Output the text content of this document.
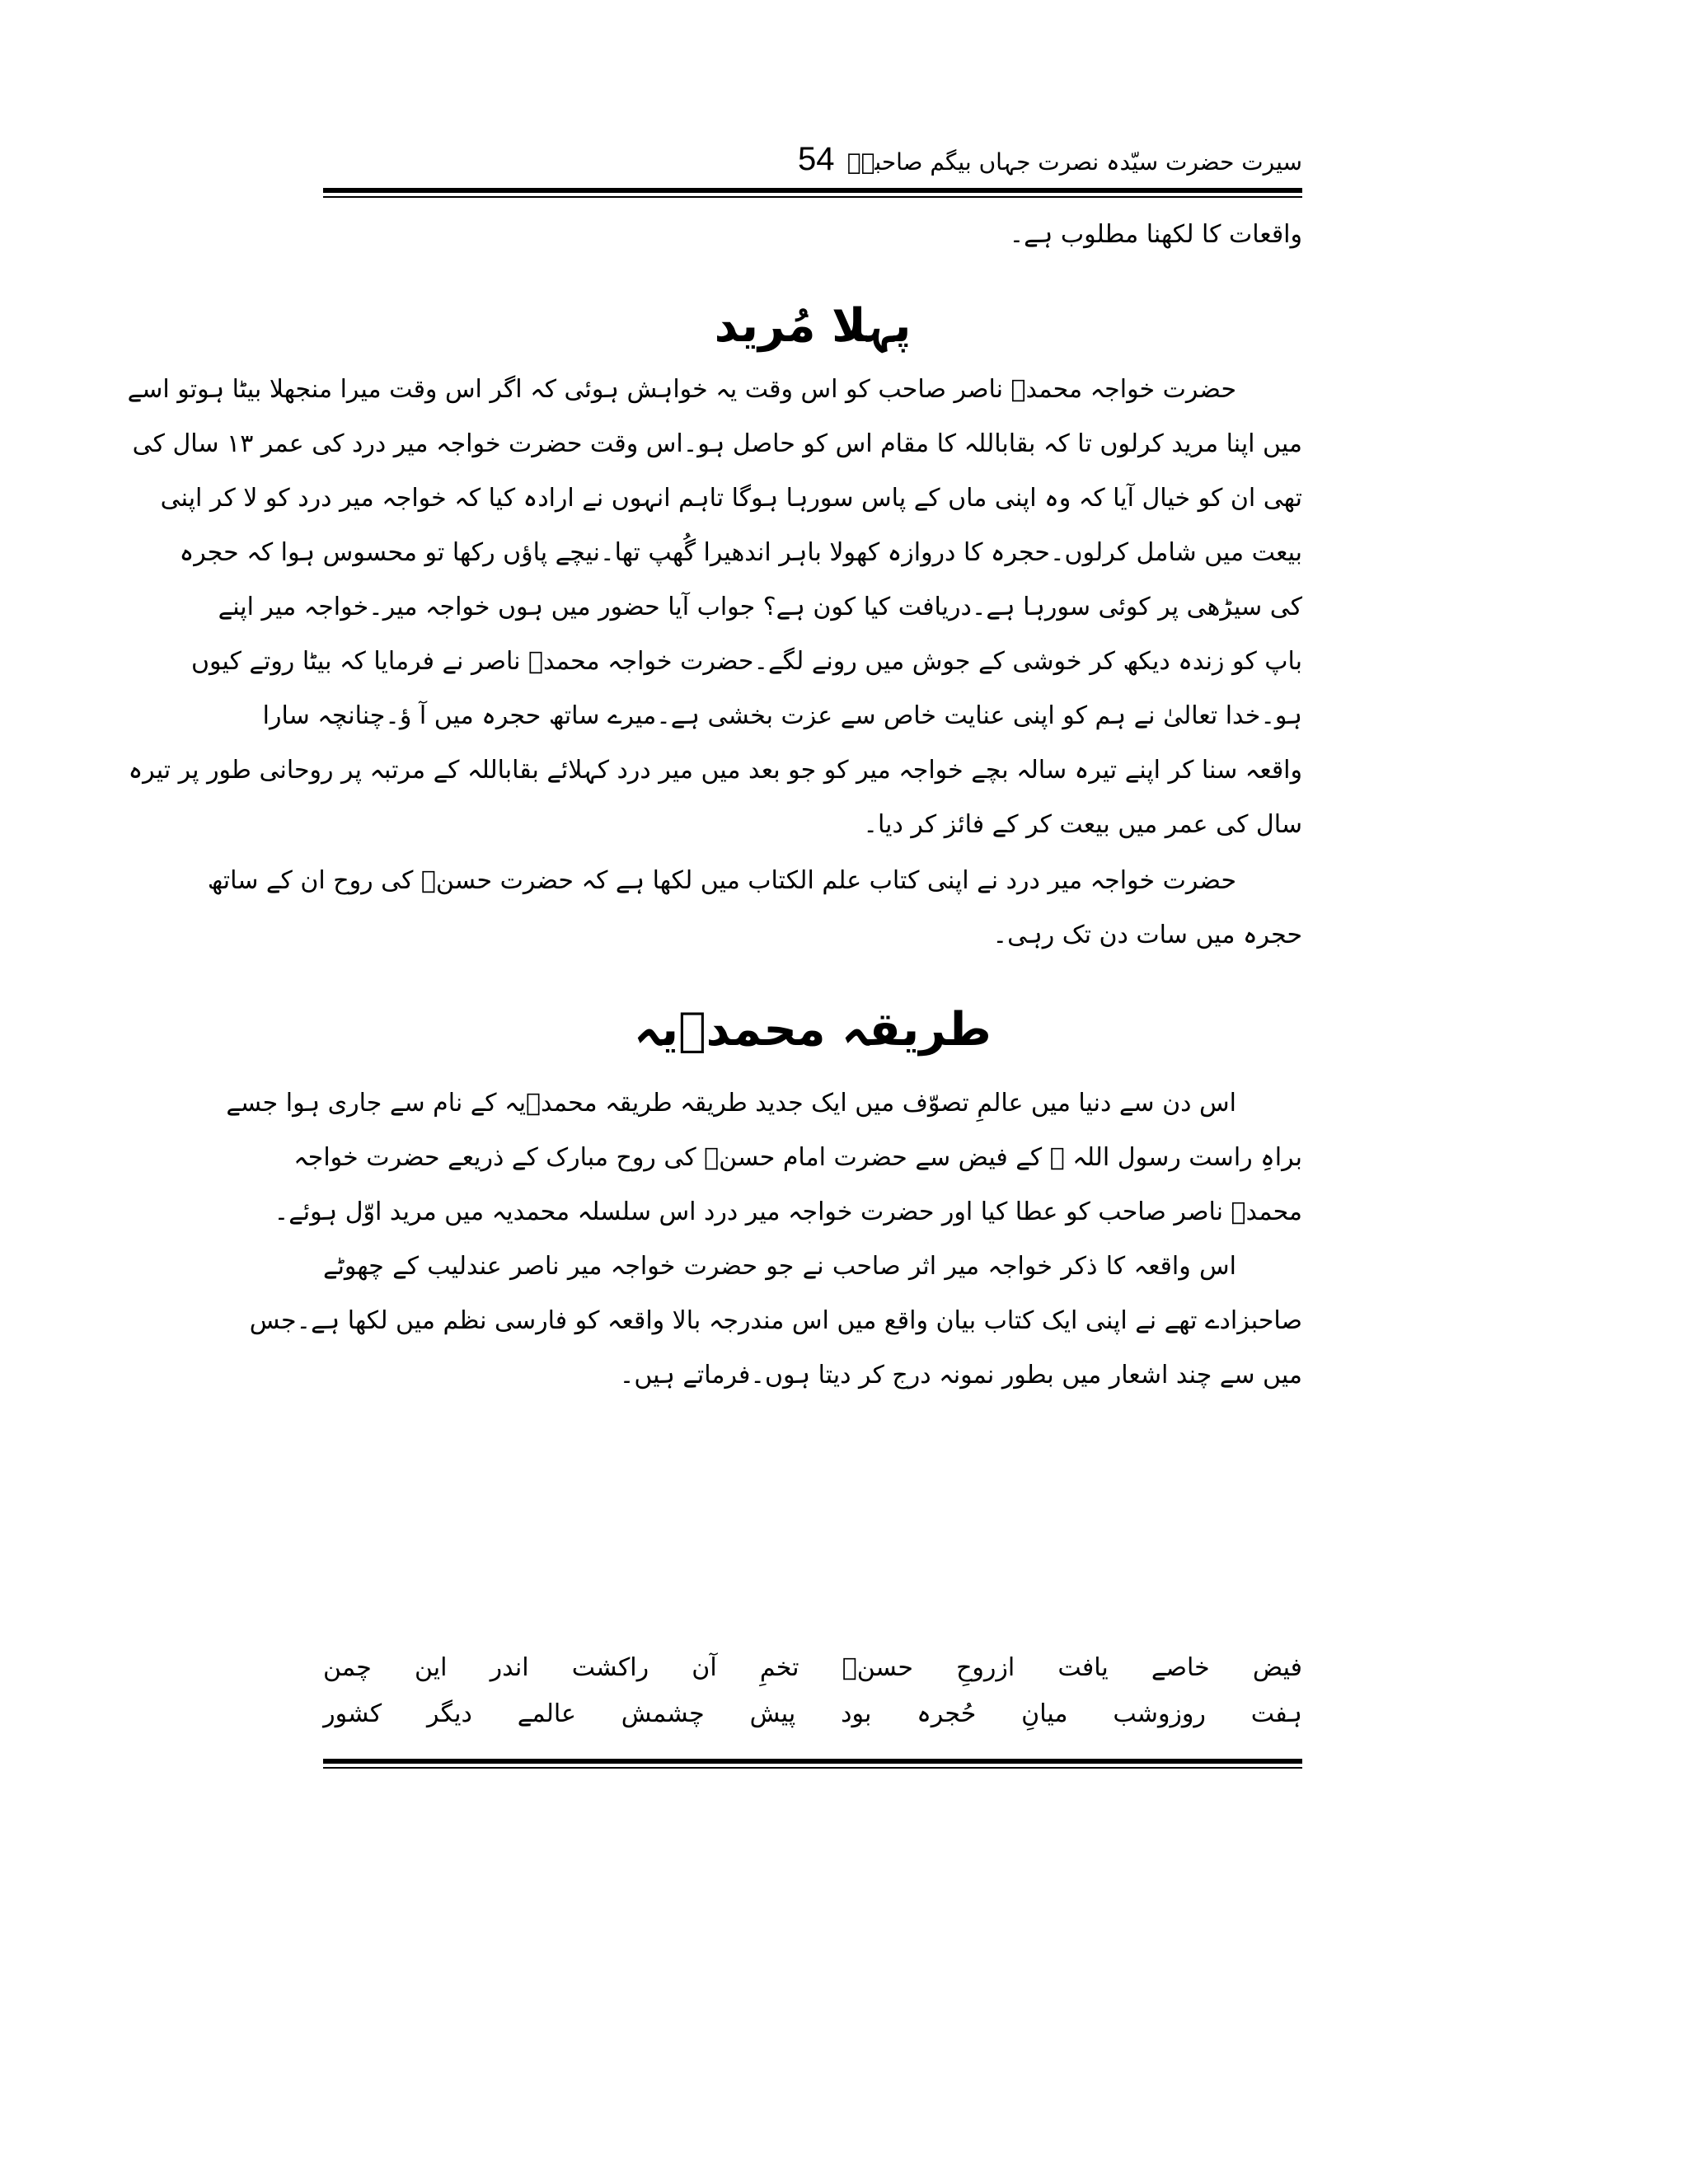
سیرت حضرت سیّدہ نصرت جہاں بیگم صاحبہؓ
54
واقعات کا لکھنا مطلوب ہے۔
پہلا مُرید
حضرت خواجہ محمدؐ ناصر صاحب کو اس وقت یہ خواہش ہوئی کہ اگر اس وقت میرا منجھلا بیٹا ہوتو اسے
میں اپنا مرید کرلوں تا کہ بقاباللہ کا مقام اس کو حاصل ہو۔اس وقت حضرت خواجہ میر درد کی عمر ۱۳ سال کی
تھی ان کو خیال آیا کہ وہ اپنی ماں کے پاس سورہا ہوگا تاہم انہوں نے ارادہ کیا کہ خواجہ میر درد کو لا کر اپنی
بیعت میں شامل کرلوں۔حجرہ کا دروازہ کھولا باہر اندھیرا گُھپ تھا۔نیچے پاؤں رکھا تو محسوس ہوا کہ حجرہ
کی سیڑھی پر کوئی سورہا ہے۔دریافت کیا کون ہے؟ جواب آیا حضور میں ہوں خواجہ میر۔خواجہ میر اپنے
باپ کو زندہ دیکھ کر خوشی کے جوش میں رونے لگے۔حضرت خواجہ محمدؐ ناصر نے فرمایا کہ بیٹا روتے کیوں
ہو۔خدا تعالیٰ نے ہم کو اپنی عنایت خاص سے عزت بخشی ہے۔میرے ساتھ حجرہ میں آ ؤ۔چنانچہ سارا
واقعہ سنا کر اپنے تیرہ سالہ بچے خواجہ میر کو جو بعد میں میر درد کہلائے بقاباللہ کے مرتبہ پر روحانی طور پر تیرہ
سال کی عمر میں بیعت کر کے فائز کر دیا۔
حضرت خواجہ میر درد نے اپنی کتاب علم الکتاب میں لکھا ہے کہ حضرت حسنؓ کی روح ان کے ساتھ
حجرہ میں سات دن تک رہی۔
طریقہ محمدؐیہ
اس دن سے دنیا میں عالمِ تصوّف میں ایک جدید طریقہ طریقہ محمدؐیہ کے نام سے جاری ہوا جسے
براہِ راست رسول اللہ ﷺ کے فیض سے حضرت امام حسنؓ کی روح مبارک کے ذریعے حضرت خواجہ
محمدؐ ناصر صاحب کو عطا کیا اور حضرت خواجہ میر درد اس سلسلہ محمدیہ میں مرید اوّل ہوئے۔
اس واقعہ کا ذکر خواجہ میر اثر صاحب نے جو حضرت خواجہ میر ناصر عندلیب کے چھوٹے
صاحبزادے تھے نے اپنی ایک کتاب بیان واقع میں اس مندرجہ بالا واقعہ کو فارسی نظم میں لکھا ہے۔جس
میں سے چند اشعار میں بطور نمونہ درج کر دیتا ہوں۔فرماتے ہیں۔
فیض
خاصے
یافت
ازروحِ
حسنؓ
تخمِ
آن
راکشت
اندر
این
چمن
ہفت
روزوشب
میانِ
حُجرہ
بود
پیش
چشمش
عالمے
دیگر
کشور
